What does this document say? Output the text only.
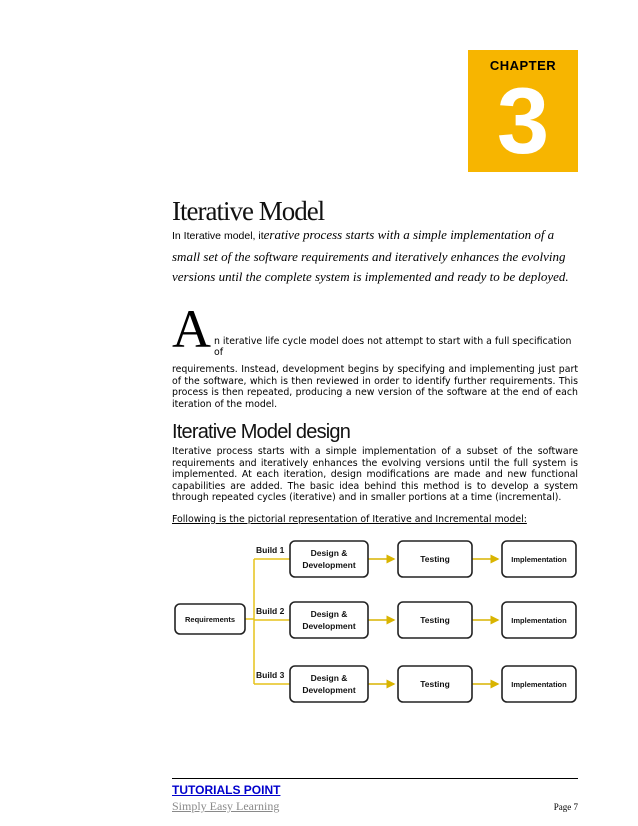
CHAPTER
3
Iterative Model
In Iterative model, iterative process starts with a simple implementation of a small set of the software requirements and iteratively enhances the evolving versions until the complete system is implemented and ready to be deployed.
A n iterative life cycle model does not attempt to start with a full specification of

requirements. Instead, development begins by specifying and implementing just part of the software, which is then reviewed in order to identify further requirements. This process is then repeated, producing a new version of the software at the end of each iteration of the model.

Iterative Model design

Iterative process starts with a simple implementation of a subset of the software requirements and iteratively enhances the evolving versions until the full system is implemented. At each iteration, design modifications are made and new functional capabilities are added. The basic idea behind this method is to develop a system through repeated cycles (iterative) and in smaller portions at a time (incremental).

Following is the pictorial representation of Iterative and Incremental model:
Requirements
Build 1	Design &
Development
Testing	Implementation
Build 2	Design &
Development
Testing	Implementation
Build 3	Design &
Development
Testing	Implementation
TUTORIALS POINT
Simply Easy Learning	Page 7
